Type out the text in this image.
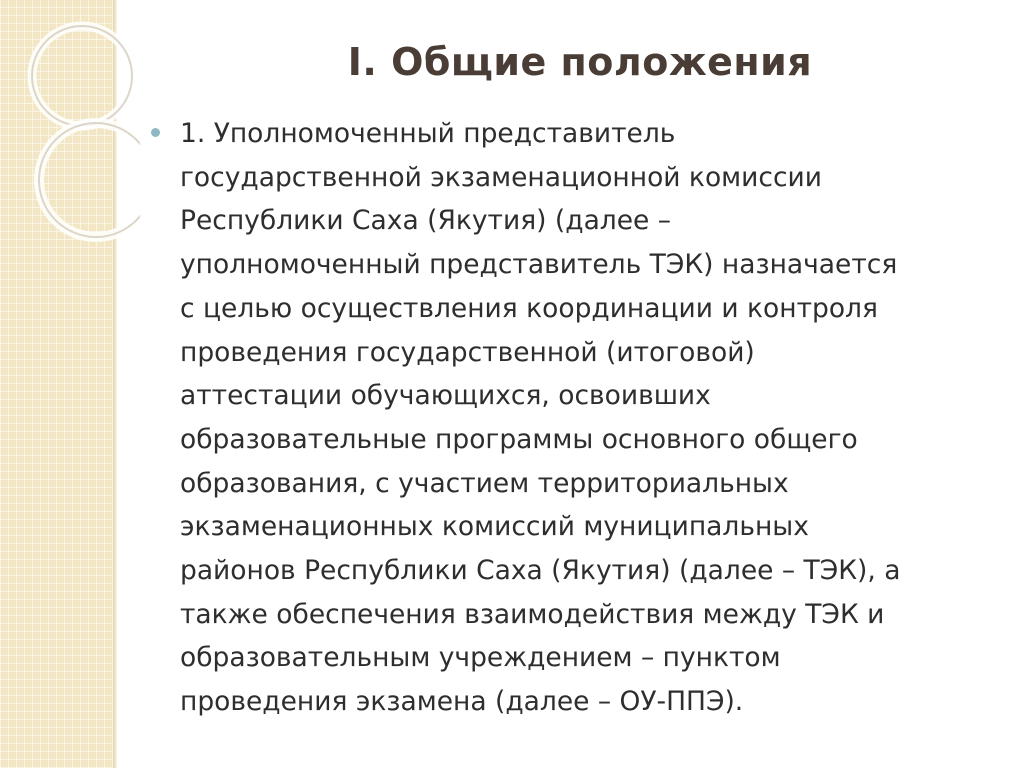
I. Общие положения
1. Уполномоченный представитель
государственной экзаменационной комиссии
Республики Саха (Якутия) (далее –
уполномоченный представитель ТЭК) назначается
с целью осуществления координации и контроля
проведения государственной (итоговой)
аттестации обучающихся, освоивших
образовательные программы основного общего
образования, с участием территориальных
экзаменационных комиссий муниципальных
районов Республики Саха (Якутия) (далее – ТЭК), а
также обеспечения взаимодействия между ТЭК и
образовательным учреждением – пунктом
проведения экзамена (далее – ОУ-ППЭ).
